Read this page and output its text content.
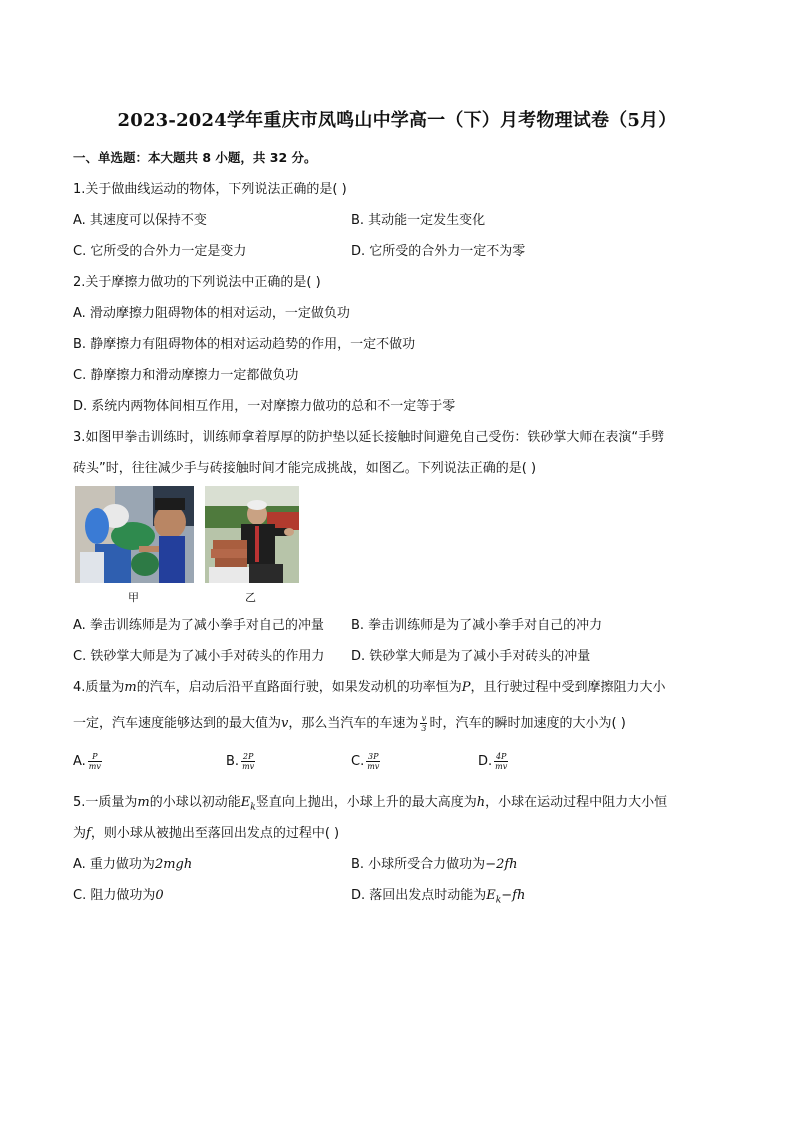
2023-2024学年重庆市凤鸣山中学高一（下）月考物理试卷（5月）
一、单选题：本大题共 8 小题，共 32 分。
1.关于做曲线运动的物体，下列说法正确的是( )
A. 其速度可以保持不变	B. 其动能一定发生变化
C. 它所受的合外力一定是变力	D. 它所受的合外力一定不为零
2.关于摩擦力做功的下列说法中正确的是( )
A. 滑动摩擦力阻碍物体的相对运动，一定做负功
B. 静摩擦力有阻碍物体的相对运动趋势的作用，一定不做功
C. 静摩擦力和滑动摩擦力一定都做负功
D. 系统内两物体间相互作用，一对摩擦力做功的总和不一定等于零
3.如图甲拳击训练时，训练师拿着厚厚的防护垫以延长接触时间避免自己受伤：铁砂掌大师在表演“手劈
砖头”时，往往减少手与砖接触时间才能完成挑战，如图乙。下列说法正确的是( )
甲	乙
A. 拳击训练师是为了减小拳手对自己的冲量 B. 拳击训练师是为了减小拳手对自己的冲力
C. 铁砂掌大师是为了减小手对砖头的作用力 D. 铁砂掌大师是为了减小手对砖头的冲量
4.质量为m的汽车，启动后沿平直路面行驶，如果发动机的功率恒为P，且行驶过程中受到摩擦阻力大小
一定，汽车速度能够达到的最大值为v，那么当汽车的车速为 $\frac{v}{3}$ 时，汽车的瞬时加速度的大小为( )
A. $\frac{P}{mv}$	B. $\frac{2P}{mv}$	C. $\frac{3P}{mv}$	D. $\frac{4P}{mv}$
5.一质量为m的小球以初动能$E_k$竖直向上抛出，小球上升的最大高度为h，小球在运动过程中阻力大小恒
为f，则小球从被抛出至落回出发点的过程中( )
A. 重力做功为2mgh	B. 小球所受合力做功为−2fh
C. 阻力做功为0	D. 落回出发点时动能为$E_k-fh$
